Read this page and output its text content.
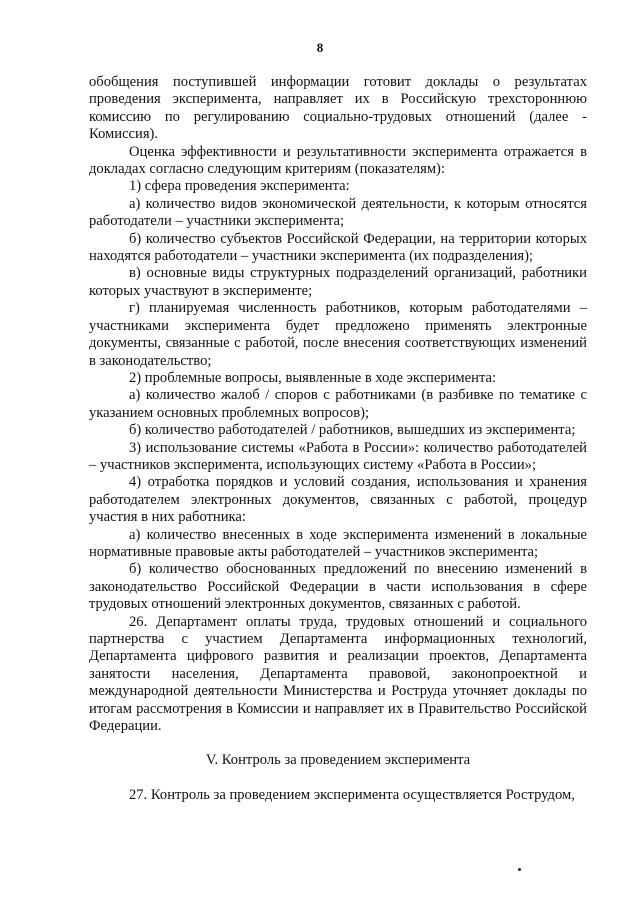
8

обобщения поступившей информации готовит доклады о результатах проведения эксперимента, направляет их в Российскую трехстороннюю комиссию по регулированию социально-трудовых отношений (далее - Комиссия).

Оценка эффективности и результативности эксперимента отражается в докладах согласно следующим критериям (показателям):

1) сфера проведения эксперимента:

а) количество видов экономической деятельности, к которым относятся работодатели – участники эксперимента;

б) количество субъектов Российской Федерации, на территории которых находятся работодатели – участники эксперимента (их подразделения);

в) основные виды структурных подразделений организаций, работники которых участвуют в эксперименте;

г) планируемая численность работников, которым работодателями – участниками эксперимента будет предложено применять электронные документы, связанные с работой, после внесения соответствующих изменений в законодательство;

2) проблемные вопросы, выявленные в ходе эксперимента:

а) количество жалоб / споров с работниками (в разбивке по тематике с указанием основных проблемных вопросов);

б) количество работодателей / работников, вышедших из эксперимента;

3) использование системы «Работа в России»: количество работодателей – участников эксперимента, использующих систему «Работа в России»;

4) отработка порядков и условий создания, использования и хранения работодателем электронных документов, связанных с работой, процедур участия в них работника:

а) количество внесенных в ходе эксперимента изменений в локальные нормативные правовые акты работодателей – участников эксперимента;

б) количество обоснованных предложений по внесению изменений в законодательство Российской Федерации в части использования в сфере трудовых отношений электронных документов, связанных с работой.

26. Департамент оплаты труда, трудовых отношений и социального партнерства с участием Департамента информационных технологий, Департамента цифрового развития и реализации проектов, Департамента занятости населения, Департамента правовой, законопроектной и международной деятельности Министерства и Роструда уточняет доклады по итогам рассмотрения в Комиссии и направляет их в Правительство Российской Федерации.

V. Контроль за проведением эксперимента

27. Контроль за проведением эксперимента осуществляется Рострудом,
